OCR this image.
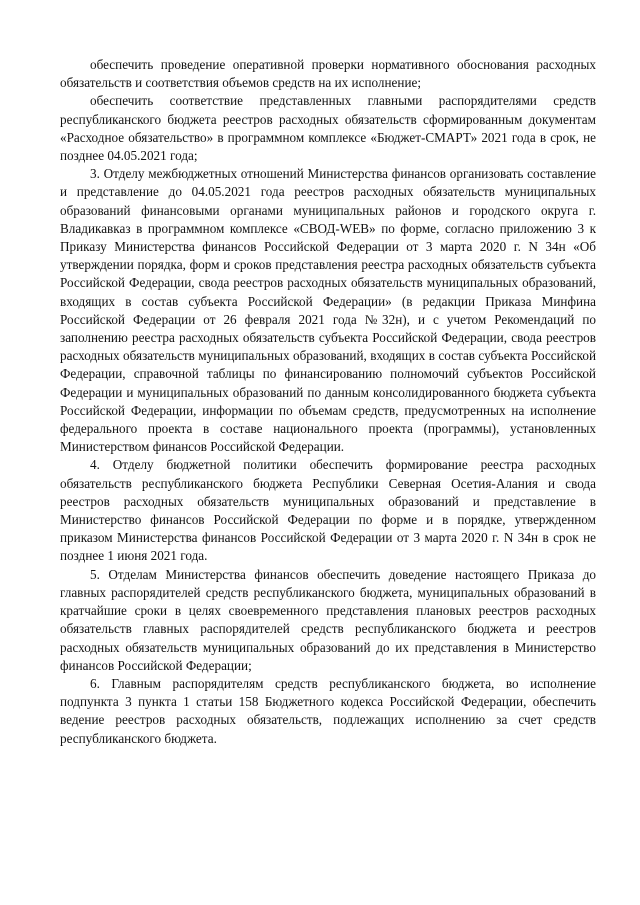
обеспечить проведение оперативной проверки нормативного обоснования расходных обязательств и соответствия объемов средств на их исполнение;

обеспечить соответствие представленных главными распорядителями средств республиканского бюджета реестров расходных обязательств сформированным документам «Расходное обязательство» в программном комплексе «Бюджет-СМАРТ» 2021 года в срок, не позднее 04.05.2021 года;

3. Отделу межбюджетных отношений Министерства финансов организовать составление и представление до 04.05.2021 года реестров расходных обязательств муниципальных образований финансовыми органами муниципальных районов и городского округа г. Владикавказ в программном комплексе «СВОД-WEB» по форме, согласно приложению 3 к Приказу Министерства финансов Российской Федерации от 3 марта 2020 г. N 34н «Об утверждении порядка, форм и сроков представления реестра расходных обязательств субъекта Российской Федерации, свода реестров расходных обязательств муниципальных образований, входящих в состав субъекта Российской Федерации» (в редакции Приказа Минфина Российской Федерации от 26 февраля 2021 года №32н), и с учетом Рекомендаций по заполнению реестра расходных обязательств субъекта Российской Федерации, свода реестров расходных обязательств муниципальных образований, входящих в состав субъекта Российской Федерации, справочной таблицы по финансированию полномочий субъектов Российской Федерации и муниципальных образований по данным консолидированного бюджета субъекта Российской Федерации, информации по объемам средств, предусмотренных на исполнение федерального проекта в составе национального проекта (программы), установленных Министерством финансов Российской Федерации.

4. Отделу бюджетной политики обеспечить формирование реестра расходных обязательств республиканского бюджета Республики Северная Осетия-Алания и свода реестров расходных обязательств муниципальных образований и представление в Министерство финансов Российской Федерации по форме и в порядке, утвержденном приказом Министерства финансов Российской Федерации от 3 марта 2020 г. N 34н в срок не позднее 1 июня 2021 года.

5. Отделам Министерства финансов обеспечить доведение настоящего Приказа до главных распорядителей средств республиканского бюджета, муниципальных образований в кратчайшие сроки в целях своевременного представления плановых реестров расходных обязательств главных распорядителей средств республиканского бюджета и реестров расходных обязательств муниципальных образований до их представления в Министерство финансов Российской Федерации;

6. Главным распорядителям средств республиканского бюджета, во исполнение подпункта 3 пункта 1 статьи 158 Бюджетного кодекса Российской Федерации, обеспечить ведение реестров расходных обязательств, подлежащих исполнению за счет средств республиканского бюджета.
